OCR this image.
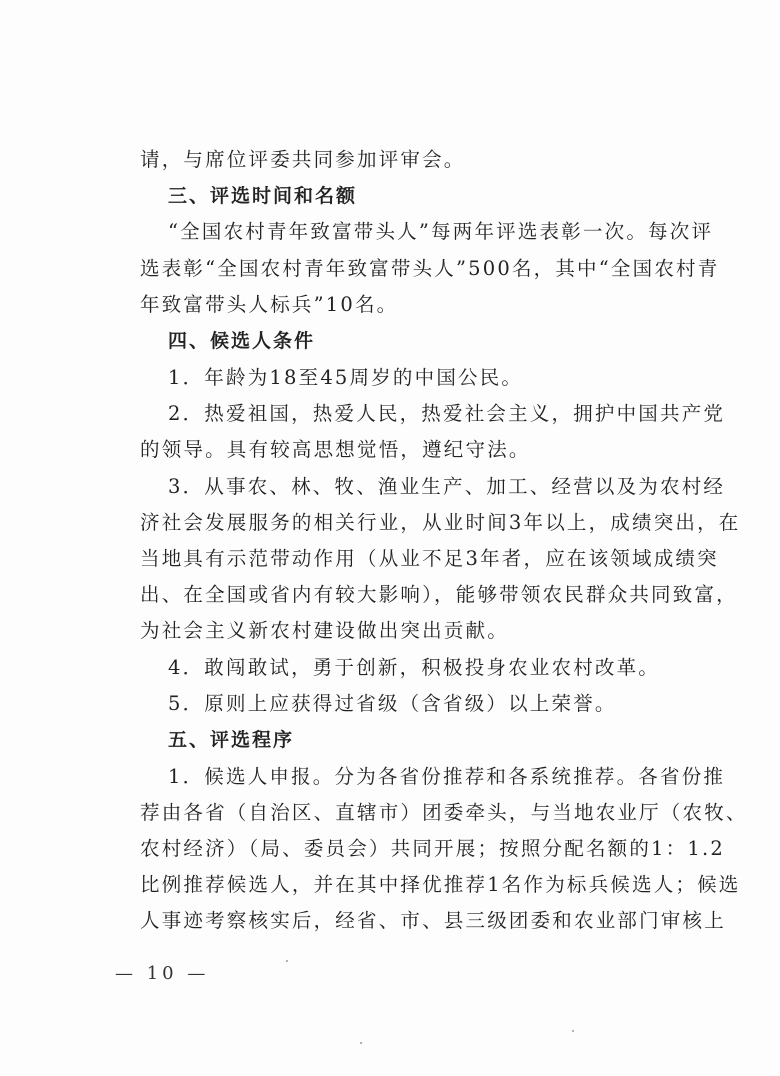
请，与席位评委共同参加评审会。
三、评选时间和名额
“全国农村青年致富带头人”每两年评选表彰一次。每次评
选表彰“全国农村青年致富带头人”500名，其中“全国农村青
年致富带头人标兵”10名。
四、候选人条件
1．年龄为18至45周岁的中国公民。
2．热爱祖国，热爱人民，热爱社会主义，拥护中国共产党
的领导。具有较高思想觉悟，遵纪守法。
3．从事农、林、牧、渔业生产、加工、经营以及为农村经
济社会发展服务的相关行业，从业时间3年以上，成绩突出，在
当地具有示范带动作用（从业不足3年者，应在该领域成绩突
出、在全国或省内有较大影响），能够带领农民群众共同致富，
为社会主义新农村建设做出突出贡献。
4．敢闯敢试，勇于创新，积极投身农业农村改革。
5．原则上应获得过省级（含省级）以上荣誉。
五、评选程序
1．候选人申报。分为各省份推荐和各系统推荐。各省份推
荐由各省（自治区、直辖市）团委牵头，与当地农业厅（农牧、
农村经济）（局、委员会）共同开展；按照分配名额的1：1.2
比例推荐候选人，并在其中择优推荐1名作为标兵候选人；候选
人事迹考察核实后，经省、市、县三级团委和农业部门审核上
— 10 —
